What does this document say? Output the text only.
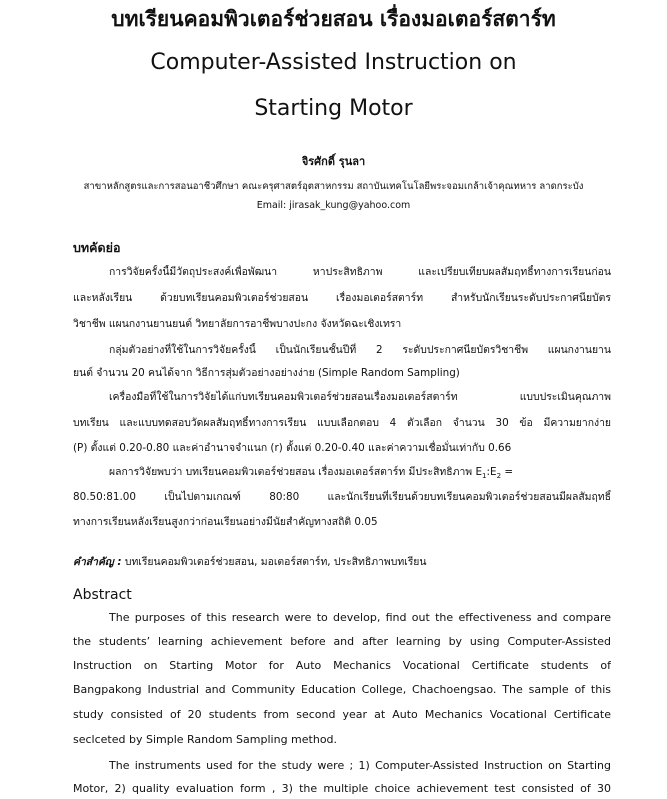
บทเรียนคอมพิวเตอร์ช่วยสอน เรื่องมอเตอร์สตาร์ท
Computer-Assisted Instruction on
Starting Motor
จิรศักดิ์ รุนลา
สาขาหลักสูตรและการสอนอาชีวศึกษา คณะครุศาสตร์อุตสาหกรรม สถาบันเทคโนโลยีพระจอมเกล้าเจ้าคุณทหาร ลาดกระบัง
Email: jirasak_kung@yahoo.com
บทคัดย่อ
การวิจัยครั้งนี้มีวัตถุประสงค์เพื่อพัฒนา หาประสิทธิภาพ และเปรียบเทียบผลสัมฤทธิ์ทางการเรียนก่อน
และหลังเรียน ด้วยบทเรียนคอมพิวเตอร์ช่วยสอน เรื่องมอเตอร์สตาร์ท สำหรับนักเรียนระดับประกาศนียบัตร
วิชาชีพ แผนกงานยานยนต์ วิทยาลัยการอาชีพบางปะกง จังหวัดฉะเชิงเทรา
กลุ่มตัวอย่างที่ใช้ในการวิจัยครั้งนี้ เป็นนักเรียนชั้นปีที่ 2 ระดับประกาศนียบัตรวิชาชีพ แผนกงานยาน
ยนต์ จำนวน 20 คนได้จาก วิธีการสุ่มตัวอย่างอย่างง่าย (Simple Random Sampling)
เครื่องมือที่ใช้ในการวิจัยได้แก่บทเรียนคอมพิวเตอร์ช่วยสอนเรื่องมอเตอร์สตาร์ท แบบประเมินคุณภาพ
บทเรียน และแบบทดสอบวัดผลสัมฤทธิ์ทางการเรียน แบบเลือกตอบ 4 ตัวเลือก จำนวน 30 ข้อ มีความยากง่าย
(P) ตั้งแต่ 0.20-0.80 และค่าอำนาจจำแนก (r) ตั้งแต่ 0.20-0.40 และค่าความเชื่อมั่นเท่ากับ 0.66
ผลการวิจัยพบว่า บทเรียนคอมพิวเตอร์ช่วยสอน เรื่องมอเตอร์สตาร์ท มีประสิทธิภาพ $E_1:E_2$ =
80.50:81.00 เป็นไปตามเกณฑ์ 80:80 และนักเรียนที่เรียนด้วยบทเรียนคอมพิวเตอร์ช่วยสอนมีผลสัมฤทธิ์
ทางการเรียนหลังเรียนสูงกว่าก่อนเรียนอย่างมีนัยสำคัญทางสถิติ 0.05
คำสำคัญ : บทเรียนคอมพิวเตอร์ช่วยสอน, มอเตอร์สตาร์ท, ประสิทธิภาพบทเรียน
Abstract
The purposes of this research were to develop, find out the effectiveness and compare
the students’ learning achievement before and after learning by using Computer-Assisted
Instruction on Starting Motor for Auto Mechanics Vocational Certificate students of
Bangpakong Industrial and Community Education College, Chachoengsao. The sample of this
study consisted of 20 students from second year at Auto Mechanics Vocational Certificate
seclceted by Simple Random Sampling method.
The instruments used for the study were ; 1) Computer-Assisted Instruction on Starting
Motor, 2) quality evaluation form , 3) the multiple choice achievement test consisted of 30
